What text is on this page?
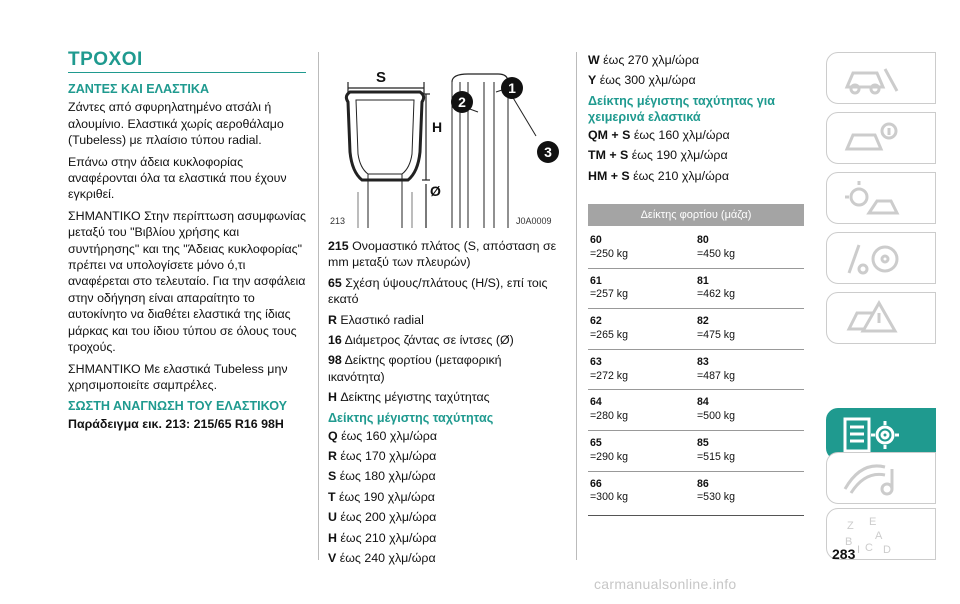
ΤΡΟΧΟΙ
ΖΑΝΤΕΣ ΚΑΙ ΕΛΑΣΤΙΚΑ

Ζάντες από σφυρηλατημένο ατσάλι ή αλουμίνιο. Ελαστικά χωρίς αεροθάλαμο (Tubeless) με πλαίσιο τύπου radial.

Επάνω στην άδεια κυκλοφορίας αναφέρονται όλα τα ελαστικά που έχουν εγκριθεί.

ΣΗΜΑΝΤΙΚΟ Στην περίπτωση ασυμφωνίας μεταξύ του "Βιβλίου χρήσης και συντήρησης" και της "Άδειας κυκλοφορίας" πρέπει να υπολογίσετε μόνο ό,τι αναφέρεται στο τελευταίο. Για την ασφάλεια στην οδήγηση είναι απαραίτητο το αυτοκίνητο να διαθέτει ελαστικά της ίδιας μάρκας και του ίδιου τύπου σε όλους τους τροχούς.

ΣΗΜΑΝΤΙΚΟ Με ελαστικά Tubeless μην χρησιμοποιείτε σαμπρέλες.

ΣΩΣΤΗ ΑΝΑΓΝΩΣΗ ΤΟΥ ΕΛΑΣΤΙΚΟΥ

Παράδειγμα εικ. 213: 215/65 R16 98H

S
H
Ø
1
2
3
213	J0A0009

215 Ονομαστικό πλάτος (S, απόσταση σε mm μεταξύ των πλευρών)

65 Σχέση ύψους/πλάτους (H/S), επί τοις εκατό

R Ελαστικό radial

16 Διάμετρος ζάντας σε ίντσες (Ø)

98 Δείκτης φορτίου (μεταφορική ικανότητα)

H Δείκτης μέγιστης ταχύτητας

Δείκτης μέγιστης ταχύτητας

Q έως 160 χλμ/ώρα

R έως 170 χλμ/ώρα

S έως 180 χλμ/ώρα

T έως 190 χλμ/ώρα

U έως 200 χλμ/ώρα

H έως 210 χλμ/ώρα

V έως 240 χλμ/ώρα

W έως 270 χλμ/ώρα

Y έως 300 χλμ/ώρα

Δείκτης μέγιστης ταχύτητας για χειμερινά ελαστικά

QM + S έως 160 χλμ/ώρα

TM + S έως 190 χλμ/ώρα

HM + S έως 210 χλμ/ώρα

Δείκτης φορτίου (μάζα)
60
=250 kg
80
=450 kg
61
=257 kg
81
=462 kg
62
=265 kg
82
=475 kg
63
=272 kg
83
=487 kg
64
=280 kg
84
=500 kg
65
=290 kg
85
=515 kg
66
=300 kg
86
=530 kg
Z E
B A
I C D
283
carmanualsonline.info
